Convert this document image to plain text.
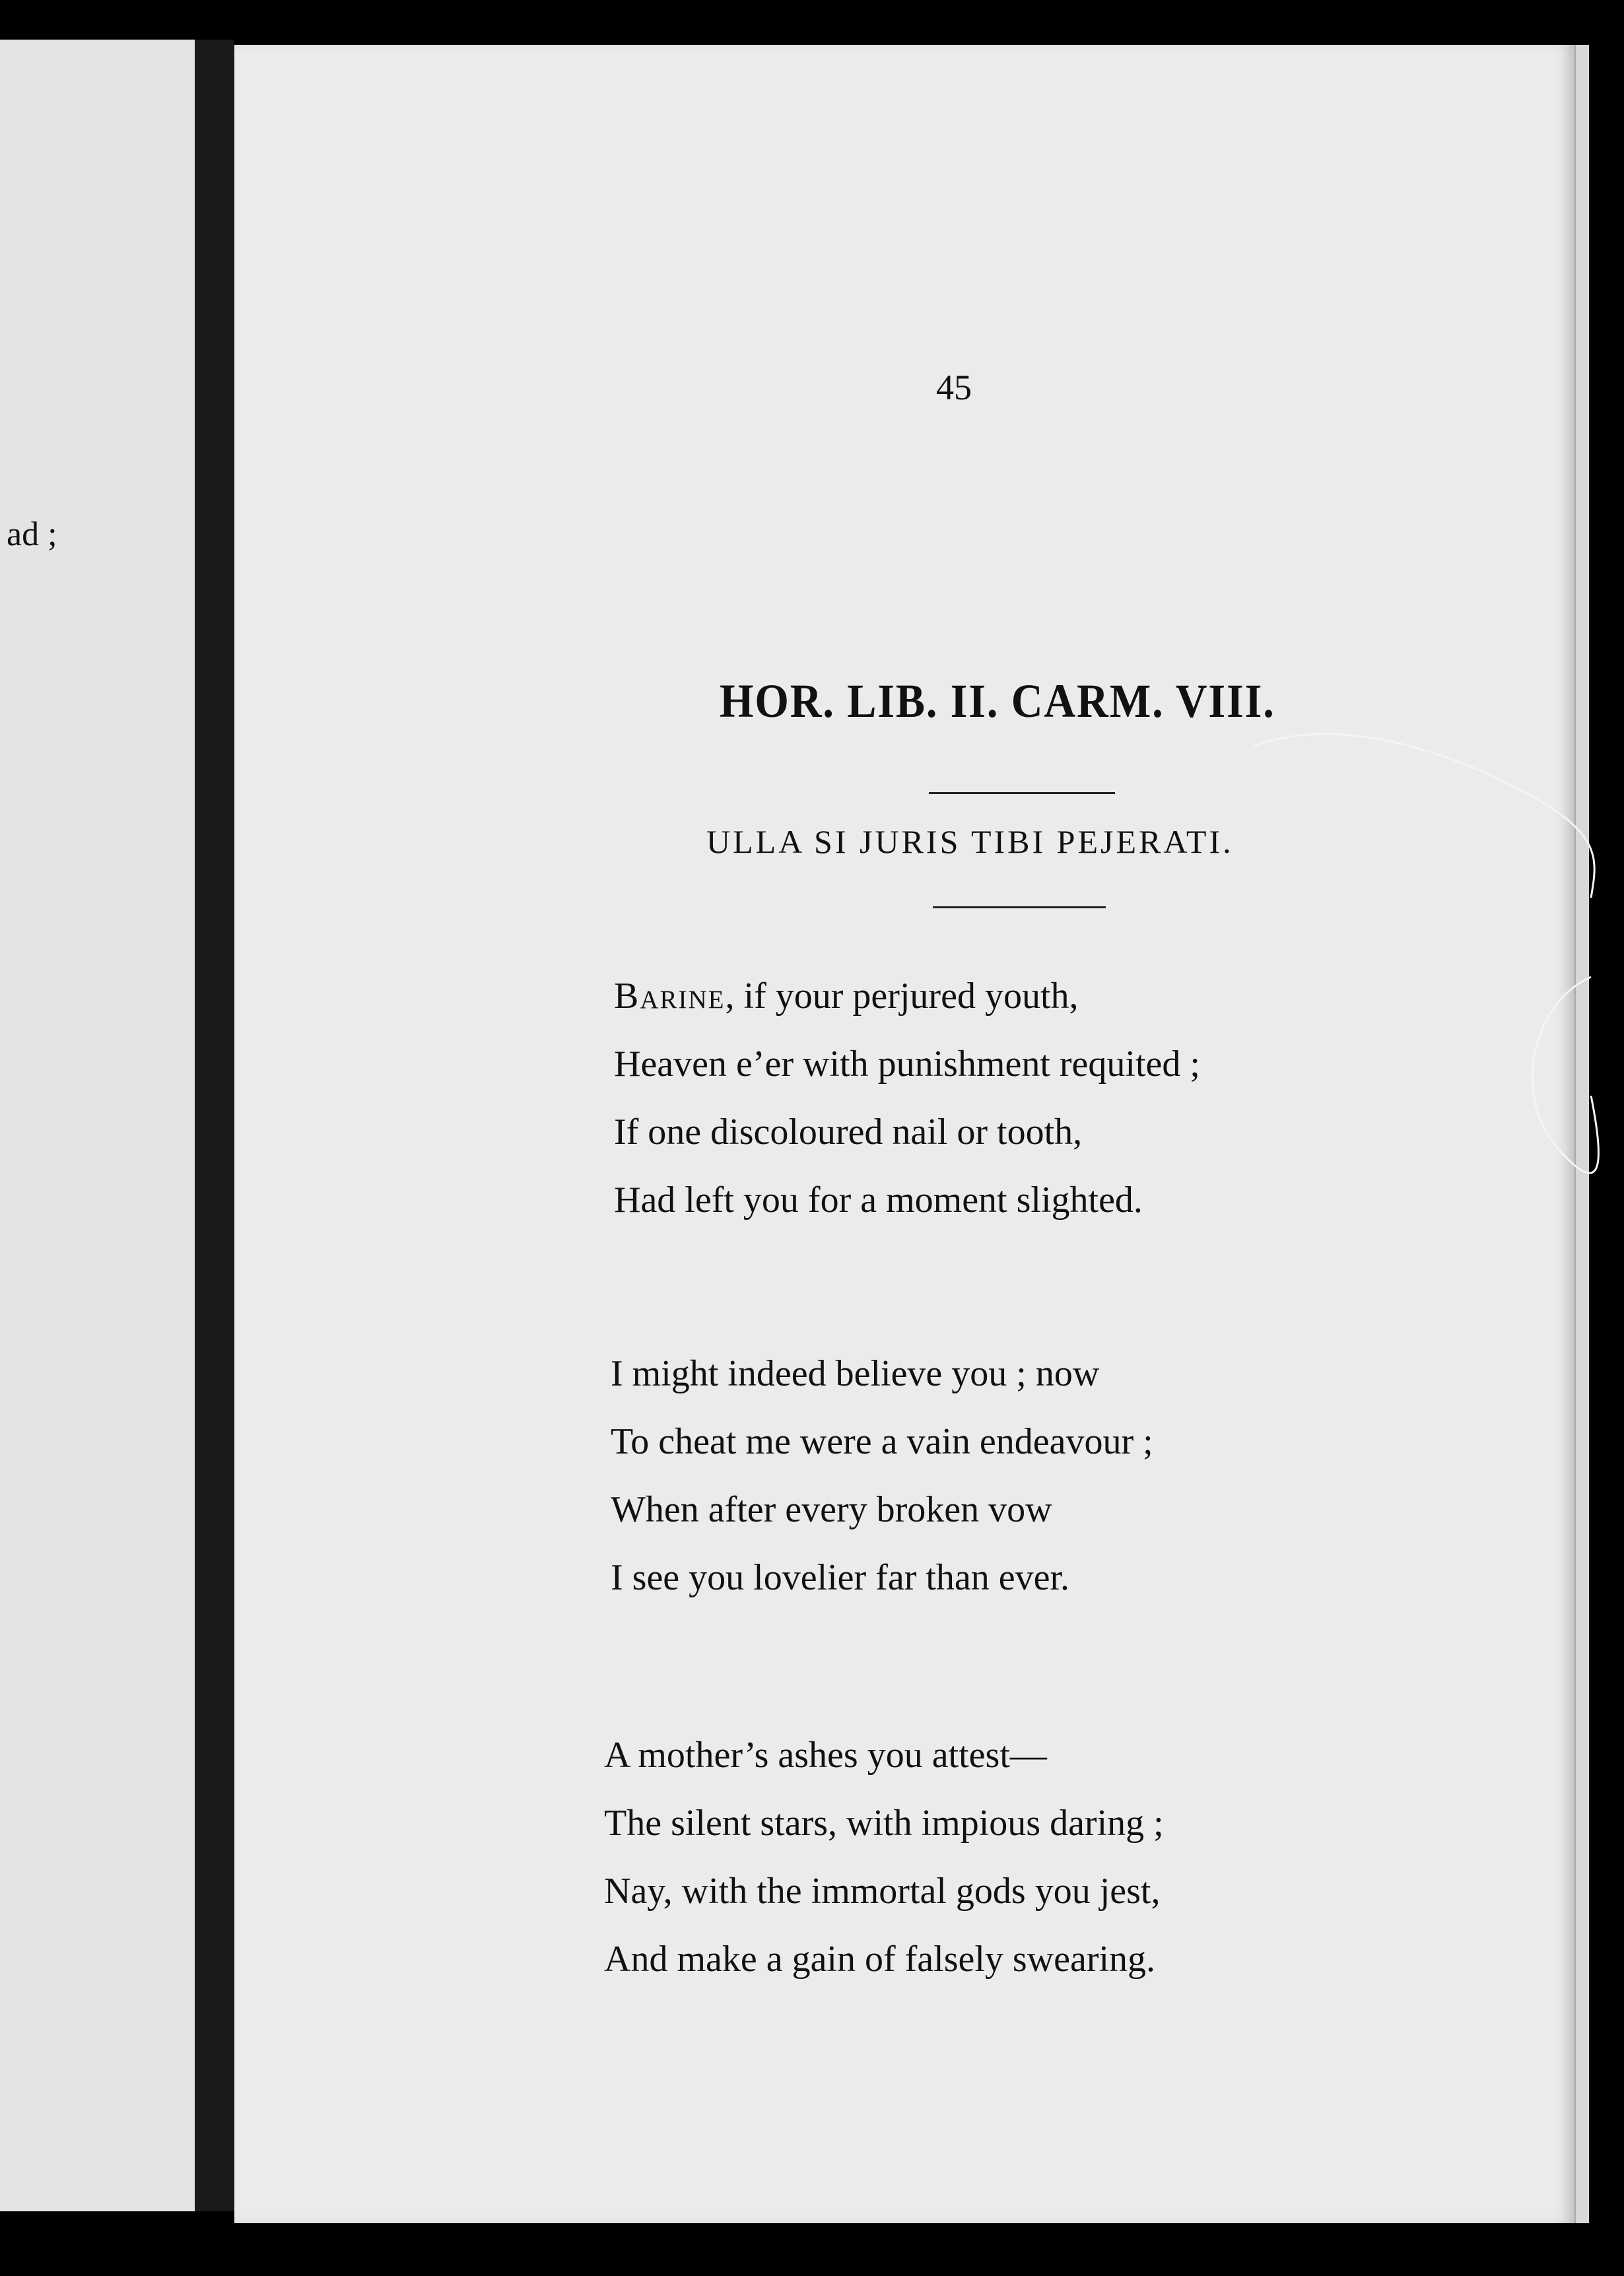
ad ;
45
HOR. LIB. II. CARM. VIII.
ULLA SI JURIS TIBI PEJERATI.
Barine, if your perjured youth,
Heaven e’er with punishment requited ;
If one discoloured nail or tooth,
Had left you for a moment slighted.
I might indeed believe you ; now
To cheat me were a vain endeavour ;
When after every broken vow
I see you lovelier far than ever.
A mother’s ashes you attest—
The silent stars, with impious daring ;
Nay, with the immortal gods you jest,
And make a gain of falsely swearing.
